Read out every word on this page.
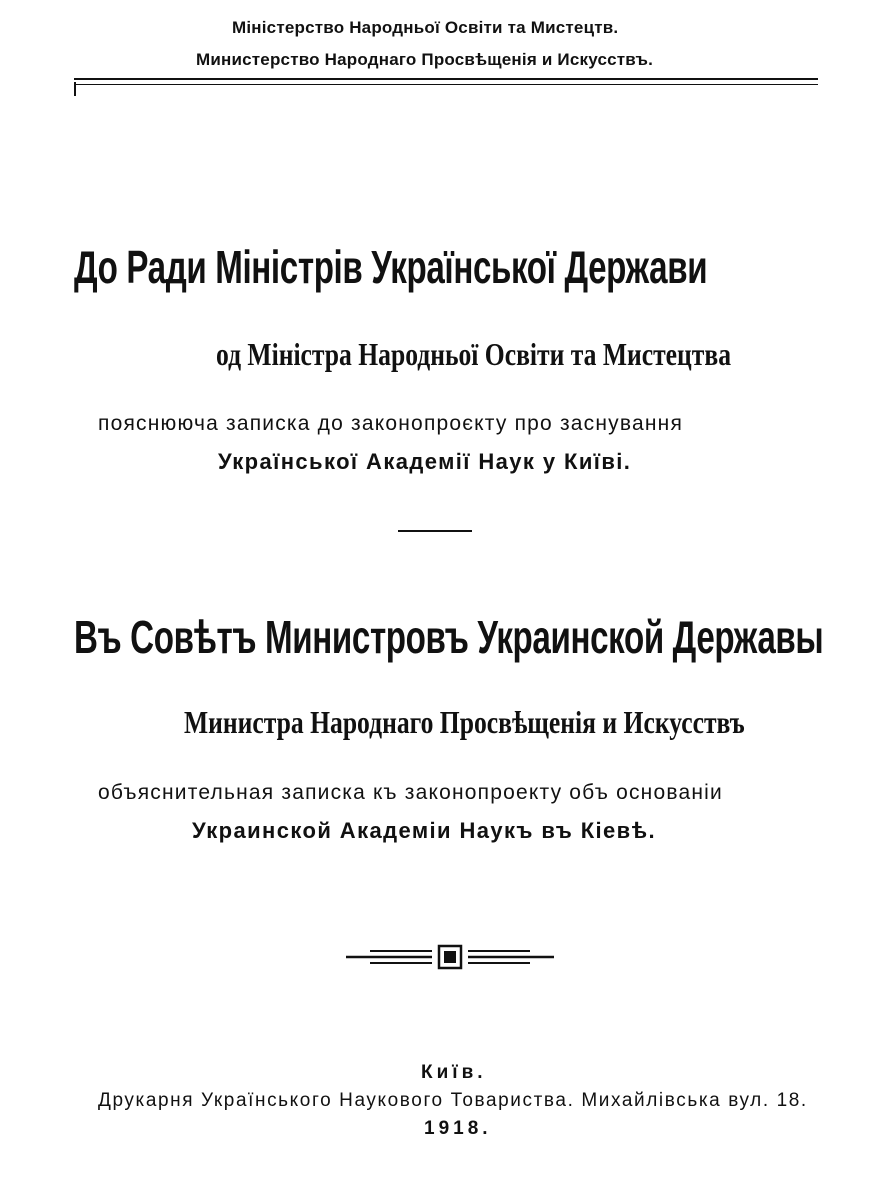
Міністерство Народньої Освіти та Мистецтв.
Министерство Народнаго Просвѣщенія и Искусствъ.
До Ради Міністрів Української Держави
од Міністра Народньої Освіти та Мистецтва
пояснююча записка до законопроєкту про заснування
Української Академії Наук у Київі.
Въ Совѣтъ Министровъ Украинской Державы
Министра Народнаго Просвѣщенія и Искусствъ
объяснительная записка къ законопроекту объ основаніи
Украинской Академіи Наукъ въ Кіевѣ.
Київ.
Друкарня Українського Наукового Товариства. Михайлівська вул. 18.
1918.
